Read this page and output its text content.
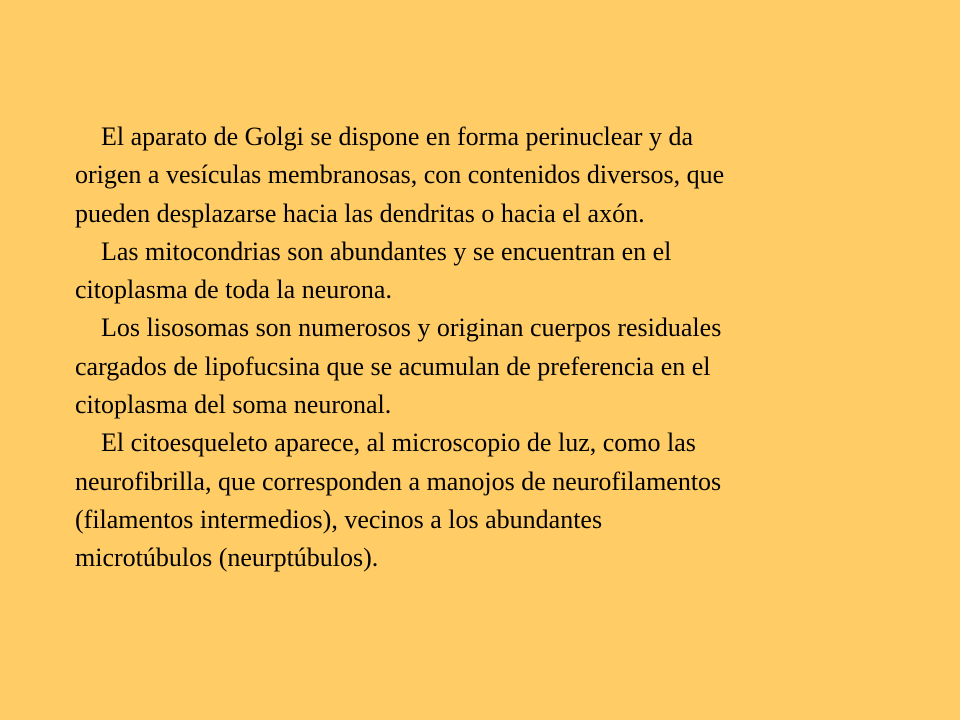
El aparato de Golgi se dispone en forma perinuclear y da
origen a vesículas membranosas, con contenidos diversos, que
pueden desplazarse hacia las dendritas o hacia el axón.

Las mitocondrias son abundantes y se encuentran en el
citoplasma de toda la neurona.

Los lisosomas son numerosos y originan cuerpos residuales
cargados de lipofucsina que se acumulan de preferencia en el
citoplasma del soma neuronal.

El citoesqueleto aparece, al microscopio de luz, como las
neurofibrilla, que corresponden a manojos de neurofilamentos
(filamentos intermedios), vecinos a los abundantes
microtúbulos (neurptúbulos).
